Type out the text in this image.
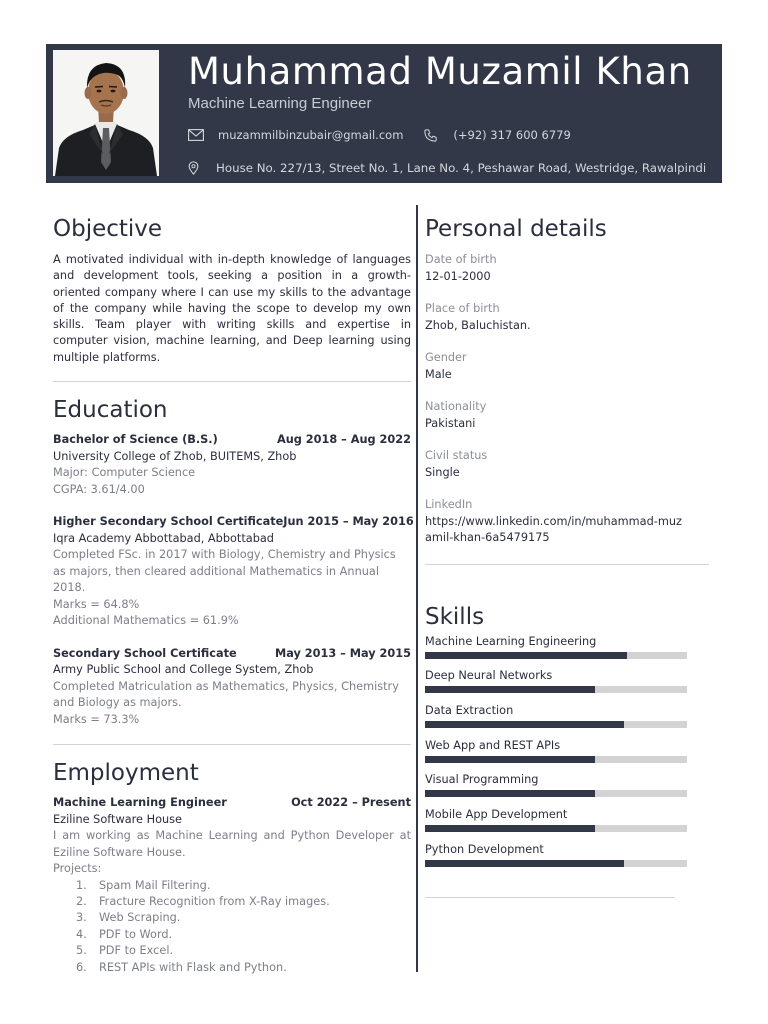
Muhammad Muzamil Khan
Machine Learning Engineer
muzammilbinzubair@gmail.com	(+92) 317 600 6779
House No. 227/13, Street No. 1, Lane No. 4, Peshawar Road, Westridge, Rawalpindi
Objective
A motivated individual with in-depth knowledge of languages and development tools, seeking a position in a growth-oriented company where I can use my skills to the advantage of the company while having the scope to develop my own skills. Team player with writing skills and expertise in computer vision, machine learning, and Deep learning using multiple platforms.
Education
Bachelor of Science (B.S.)	Aug 2018 – Aug 2022
University College of Zhob, BUITEMS, Zhob
Major: Computer Science
CGPA: 3.61/4.00
Higher Secondary School Certificate Jun 2015 – May 2016
Iqra Academy Abbottabad, Abbottabad
Completed FSc. in 2017 with Biology, Chemistry and Physics as majors, then cleared additional Mathematics in Annual 2018.
Marks = 64.8%
Additional Mathematics = 61.9%
Secondary School Certificate	May 2013 – May 2015
Army Public School and College System, Zhob
Completed Matriculation as Mathematics, Physics, Chemistry and Biology as majors.
Marks = 73.3%
Employment
Machine Learning Engineer	Oct 2022 – Present
Eziline Software House
I am working as Machine Learning and Python Developer at Eziline Software House.
Projects:
1.	Spam Mail Filtering.
2.	Fracture Recognition from X-Ray images.
3.	Web Scraping.
4.	PDF to Word.
5.	PDF to Excel.
6.	REST APIs with Flask and Python.
Personal details
Date of birth
12-01-2000
Place of birth
Zhob, Baluchistan.
Gender
Male
Nationality
Pakistani
Civil status
Single
LinkedIn
https://www.linkedin.com/in/muhammad-muzamil-khan-6a5479175
Skills
Machine Learning Engineering
Deep Neural Networks
Data Extraction
Web App and REST APIs
Visual Programming
Mobile App Development
Python Development
